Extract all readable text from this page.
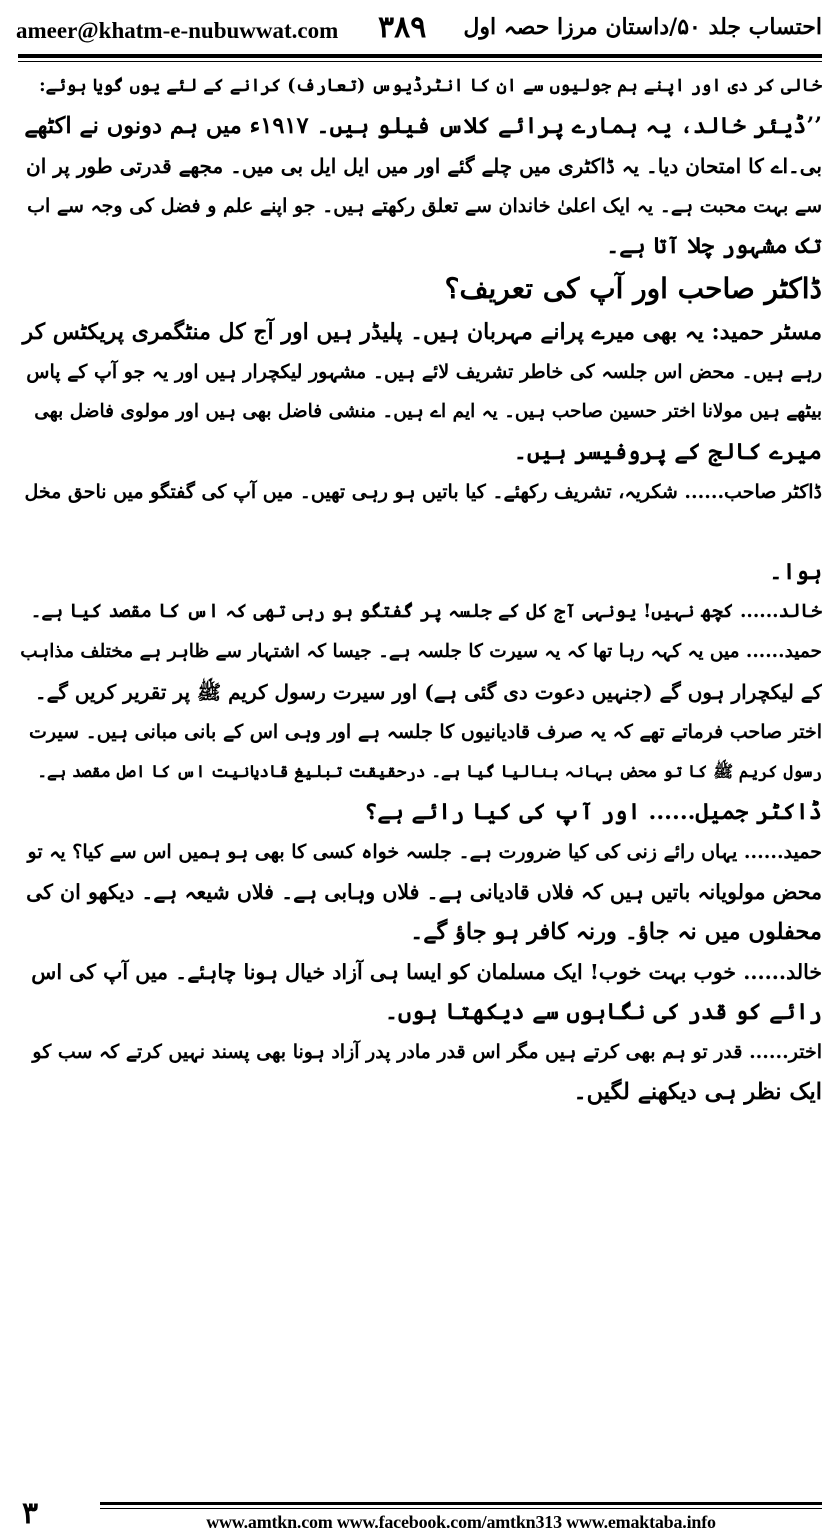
ameer@khatm-e-nubuwwat.com ۳۸۹ احتساب جلد ۵۰/داستان مرزا حصہ اول
خالی کر دی اور اپنے ہم جولیوں سے ان کا انٹرڈیوس (تعارف) کرانے کے لئے یوں گویا ہوئے:
’’ڈیئر خالد، یہ ہمارے پرائے کلاس فیلو ہیں۔ ۱۹۱۷ء میں ہم دونوں نے اکٹھے
بی۔اے کا امتحان دیا۔ یہ ڈاکٹری میں چلے گئے اور میں ایل ایل بی میں۔ مجھے قدرتی طور پر ان
سے بہت محبت ہے۔ یہ ایک اعلیٰ خاندان سے تعلق رکھتے ہیں۔ جو اپنے علم و فضل کی وجہ سے اب
تک مشہور چلا آتا ہے۔
ڈاکٹر صاحب اور آپ کی تعریف؟
مسٹر حمید: یہ بھی میرے پرانے مہربان ہیں۔ پلیڈر ہیں اور آج کل منٹگمری پریکٹس کر
رہے ہیں۔ محض اس جلسہ کی خاطر تشریف لائے ہیں۔ مشہور لیکچرار ہیں اور یہ جو آپ کے پاس
بیٹھے ہیں مولانا اختر حسین صاحب ہیں۔ یہ ایم اے ہیں۔ منشی فاضل بھی ہیں اور مولوی فاضل بھی
میرے کالج کے پروفیسر ہیں۔
ڈاکٹر صاحب...... شکریہ، تشریف رکھئے۔ کیا باتیں ہو رہی تھیں۔ میں آپ کی گفتگو میں ناحق مخل
ہوا۔
خالد...... کچھ نہیں! یونہی آج کل کے جلسہ پر گفتگو ہو رہی تھی کہ اس کا مقصد کیا ہے۔
حمید...... میں یہ کہہ رہا تھا کہ یہ سیرت کا جلسہ ہے۔ جیسا کہ اشتہار سے ظاہر ہے مختلف مذاہب
کے لیکچرار ہوں گے (جنہیں دعوت دی گئی ہے) اور سیرت رسول کریم ﷺ پر تقریر کریں گے۔
اختر صاحب فرماتے تھے کہ یہ صرف قادیانیوں کا جلسہ ہے اور وہی اس کے بانی مبانی ہیں۔ سیرت
رسول کریم ﷺ کا تو محض بہانہ بنالیا گیا ہے۔ درحقیقت تبلیغ قادیانیت اس کا اصل مقصد ہے۔
ڈاکٹر جمیل...... اور آپ کی کیا رائے ہے؟
حمید...... یہاں رائے زنی کی کیا ضرورت ہے۔ جلسہ خواہ کسی کا بھی ہو ہمیں اس سے کیا؟ یہ تو
محض مولویانہ باتیں ہیں کہ فلاں قادیانی ہے۔ فلاں وہابی ہے۔ فلاں شیعہ ہے۔ دیکھو ان کی
محفلوں میں نہ جاؤ۔ ورنہ کافر ہو جاؤ گے۔
خالد...... خوب بہت خوب! ایک مسلمان کو ایسا ہی آزاد خیال ہونا چاہئے۔ میں آپ کی اس
رائے کو قدر کی نگاہوں سے دیکھتا ہوں۔
اختر...... قدر تو ہم بھی کرتے ہیں مگر اس قدر مادر پدر آزاد ہونا بھی پسند نہیں کرتے کہ سب کو
ایک نظر ہی دیکھنے لگیں۔
۳	www.amtkn.com www.facebook.com/amtkn313 www.emaktaba.info
